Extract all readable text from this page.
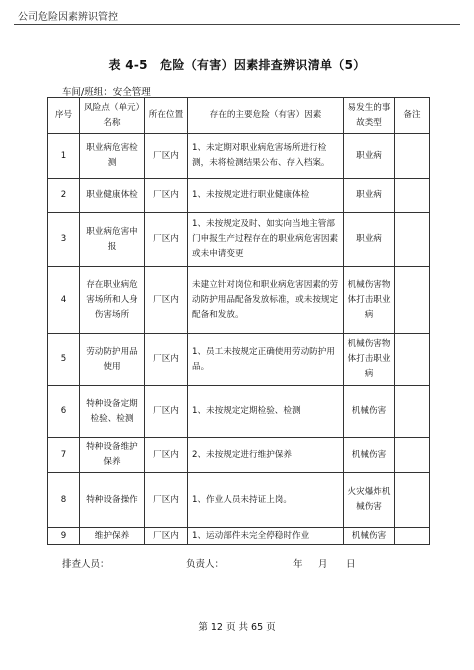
公司危险因素辨识管控
表 4-5　危险（有害）因素排查辨识清单（5）
车间/班组：安全管理
序号	风险点（单元）名称	所在位置	存在的主要危险（有害）因素	易发生的事故类型	备注
1	职业病危害检测	厂区内	1、未定期对职业病危害场所进行检测，未将检测结果公布、存入档案。	职业病	
2	职业健康体检	厂区内	1、未按规定进行职业健康体检	职业病	
3	职业病危害申报	厂区内	1、未按规定及时、如实向当地主管部门申报生产过程存在的职业病危害因素或未申请变更	职业病	
4	存在职业病危害场所和人身伤害场所	厂区内	未建立针对岗位和职业病危害因素的劳动防护用品配备发放标准，或未按规定配备和发放。	机械伤害物体打击职业病	
5	劳动防护用品使用	厂区内	1、员工未按规定正确使用劳动防护用品。	机械伤害物体打击职业病	
6	特种设备定期检验、检测	厂区内	1、未按规定定期检验、检测	机械伤害	
7	特种设备维护保养	厂区内	2、未按规定进行维护保养	机械伤害	
8	特种设备操作	厂区内	1、作业人员未持证上岗。	火灾爆炸机械伤害	
9	维护保养	厂区内	1、运动部件未完全停稳时作业	机械伤害	
排查人员：	负责人：	年 月 日
第 12 页 共 65 页
